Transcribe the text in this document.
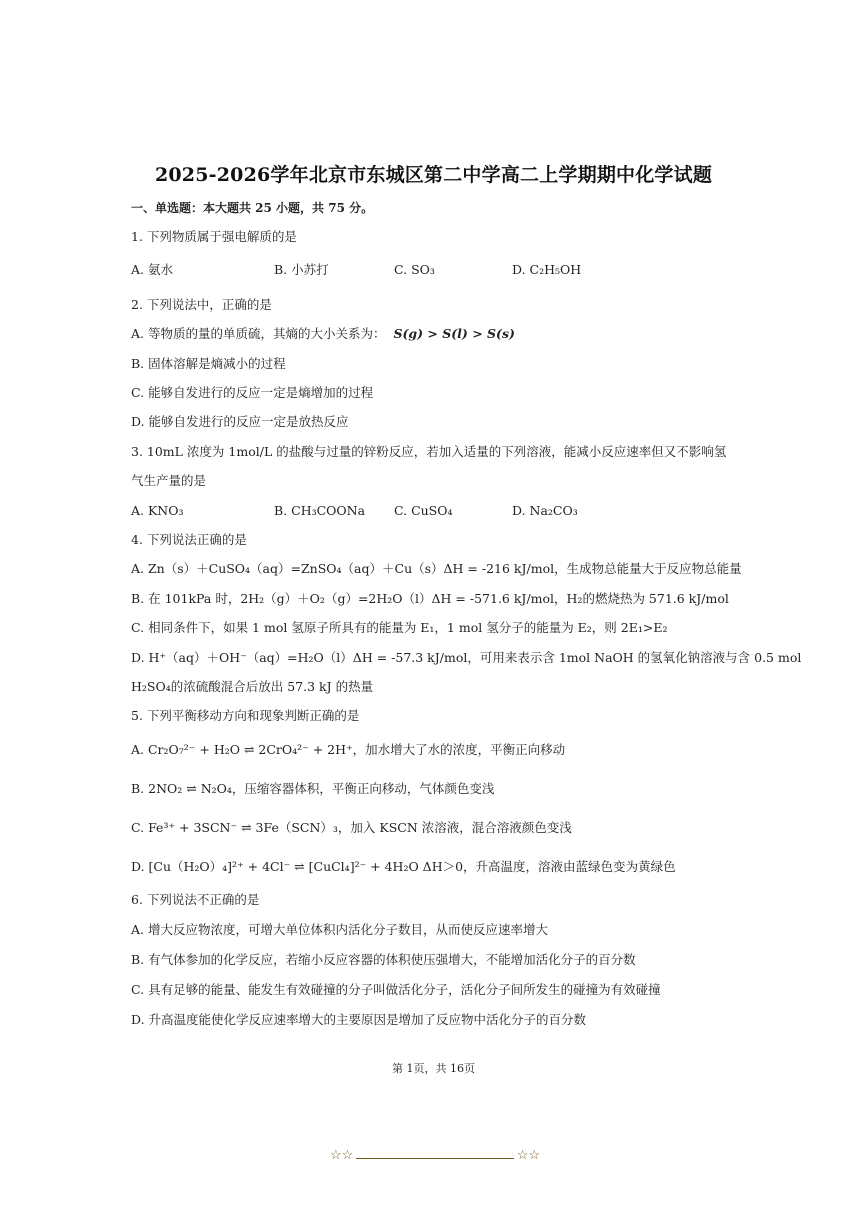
2025-2026学年北京市东城区第二中学高二上学期期中化学试题
一、单选题：本大题共 25 小题，共 75 分。
1. 下列物质属于强电解质的是
A. 氨水	B. 小苏打	C. SO₃	D. C₂H₅OH
2. 下列说法中，正确的是
A. 等物质的量的单质硫，其熵的大小关系为： S(g) > S(l) > S(s)
B. 固体溶解是熵减小的过程
C. 能够自发进行的反应一定是熵增加的过程
D. 能够自发进行的反应一定是放热反应
3. 10mL 浓度为 1mol/L 的盐酸与过量的锌粉反应，若加入适量的下列溶液，能减小反应速率但又不影响氢
气生产量的是
A. KNO₃	B. CH₃COONa C. CuSO₄	D. Na₂CO₃
4. 下列说法正确的是
A. Zn（s）＋CuSO₄（aq）=ZnSO₄（aq）＋Cu（s）ΔH = -216 kJ/mol，生成物总能量大于反应物总能量
B. 在 101kPa 时，2H₂（g）＋O₂（g）=2H₂O（l）ΔH = -571.6 kJ/mol，H₂的燃烧热为 571.6 kJ/mol
C. 相同条件下，如果 1 mol 氢原子所具有的能量为 E₁，1 mol 氢分子的能量为 E₂，则 2E₁>E₂
D. H⁺（aq）＋OH⁻（aq）=H₂O（l）ΔH = -57.3 kJ/mol，可用来表示含 1mol NaOH 的氢氧化钠溶液与含 0.5 mol
H₂SO₄的浓硫酸混合后放出 57.3 kJ 的热量
5. 下列平衡移动方向和现象判断正确的是
A. Cr₂O₇²⁻ + H₂O ⇌ 2CrO₄²⁻ + 2H⁺，加水增大了水的浓度，平衡正向移动
B. 2NO₂ ⇌ N₂O₄，压缩容器体积，平衡正向移动，气体颜色变浅
C. Fe³⁺ + 3SCN⁻ ⇌ 3Fe（SCN）₃，加入 KSCN 浓溶液，混合溶液颜色变浅
D. [Cu（H₂O）₄]²⁺ + 4Cl⁻ ⇌ [CuCl₄]²⁻ + 4H₂O ΔH＞0，升高温度，溶液由蓝绿色变为黄绿色
6. 下列说法不正确的是
A. 增大反应物浓度，可增大单位体积内活化分子数目，从而使反应速率增大
B. 有气体参加的化学反应，若缩小反应容器的体积使压强增大，不能增加活化分子的百分数
C. 具有足够的能量、能发生有效碰撞的分子叫做活化分子，活化分子间所发生的碰撞为有效碰撞
D. 升高温度能使化学反应速率增大的主要原因是增加了反应物中活化分子的百分数
第 1页，共 16页
☆☆	☆☆
